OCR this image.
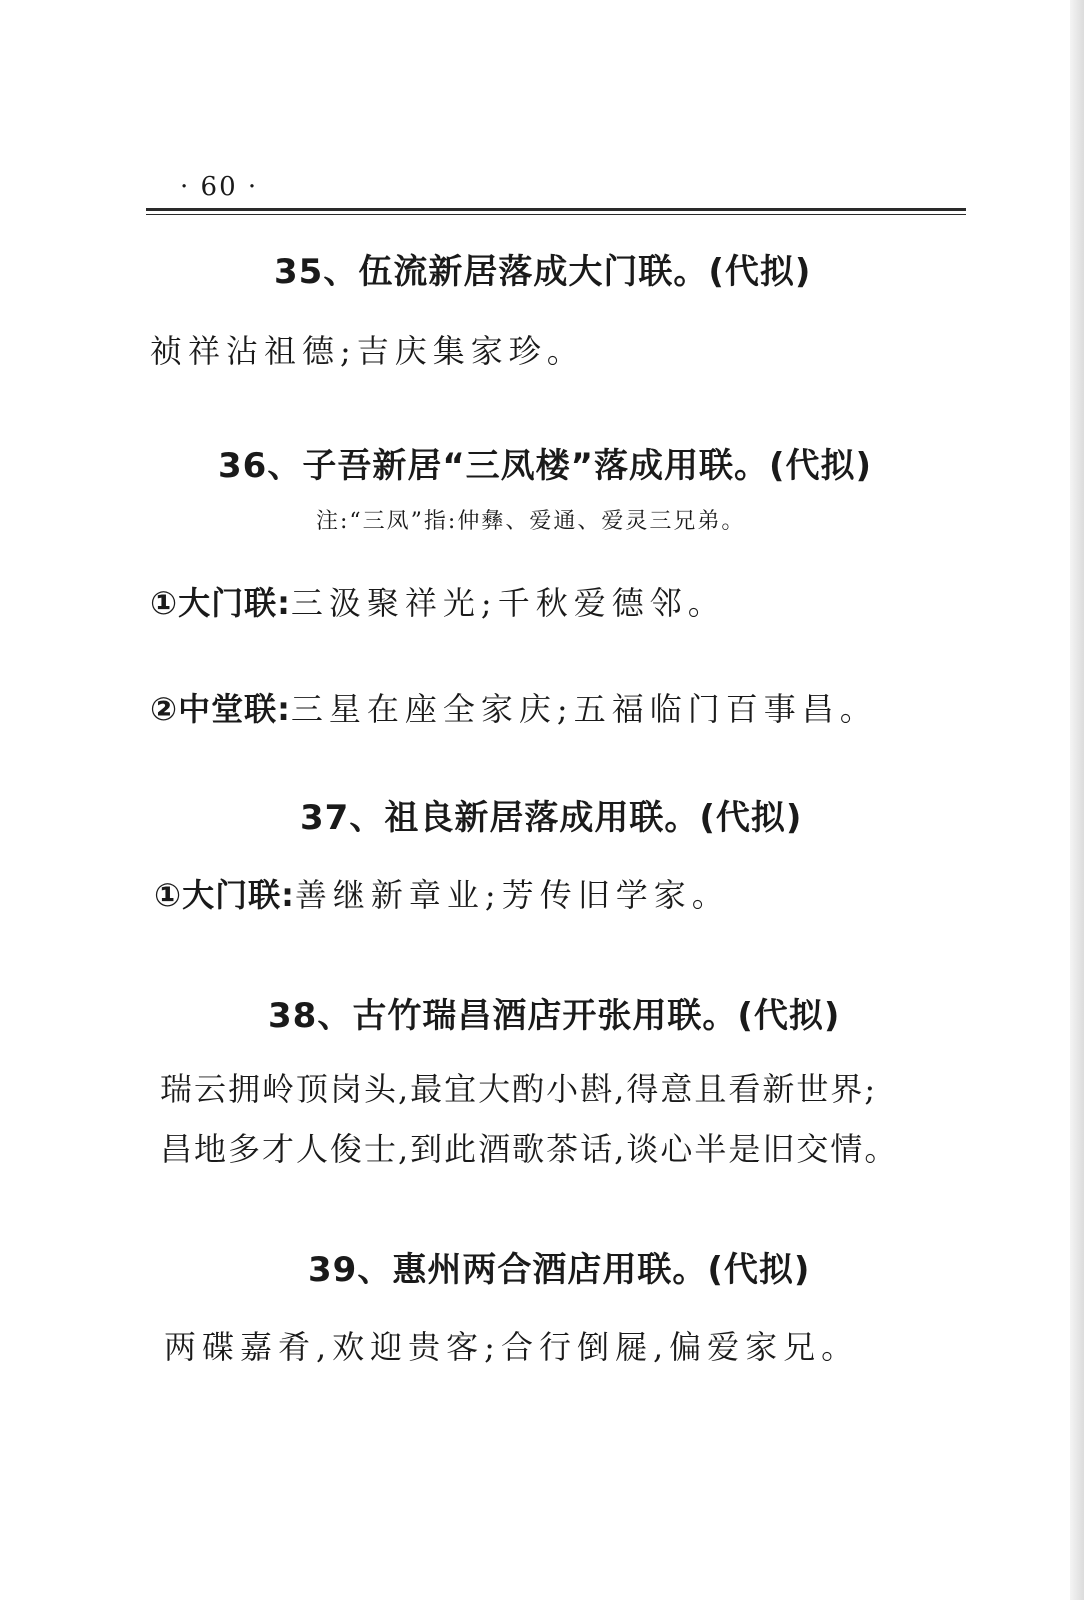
· 60 ·
35、伍流新居落成大门联。(代拟)
祯祥沾祖德;吉庆集家珍。
36、子吾新居“三凤楼”落成用联。(代拟)
注:“三凤”指:仲彝、爱通、爱灵三兄弟。
①大门联:三汲聚祥光;千秋爱德邻。
②中堂联:三星在座全家庆;五福临门百事昌。
37、祖良新居落成用联。(代拟)
①大门联:善继新章业;芳传旧学家。
38、古竹瑞昌酒店开张用联。(代拟)
瑞云拥岭顶岗头,最宜大酌小斟,得意且看新世界;
昌地多才人俊士,到此酒歌茶话,谈心半是旧交情。
39、惠州两合酒店用联。(代拟)
两碟嘉肴,欢迎贵客;合行倒屣,偏爱家兄。
